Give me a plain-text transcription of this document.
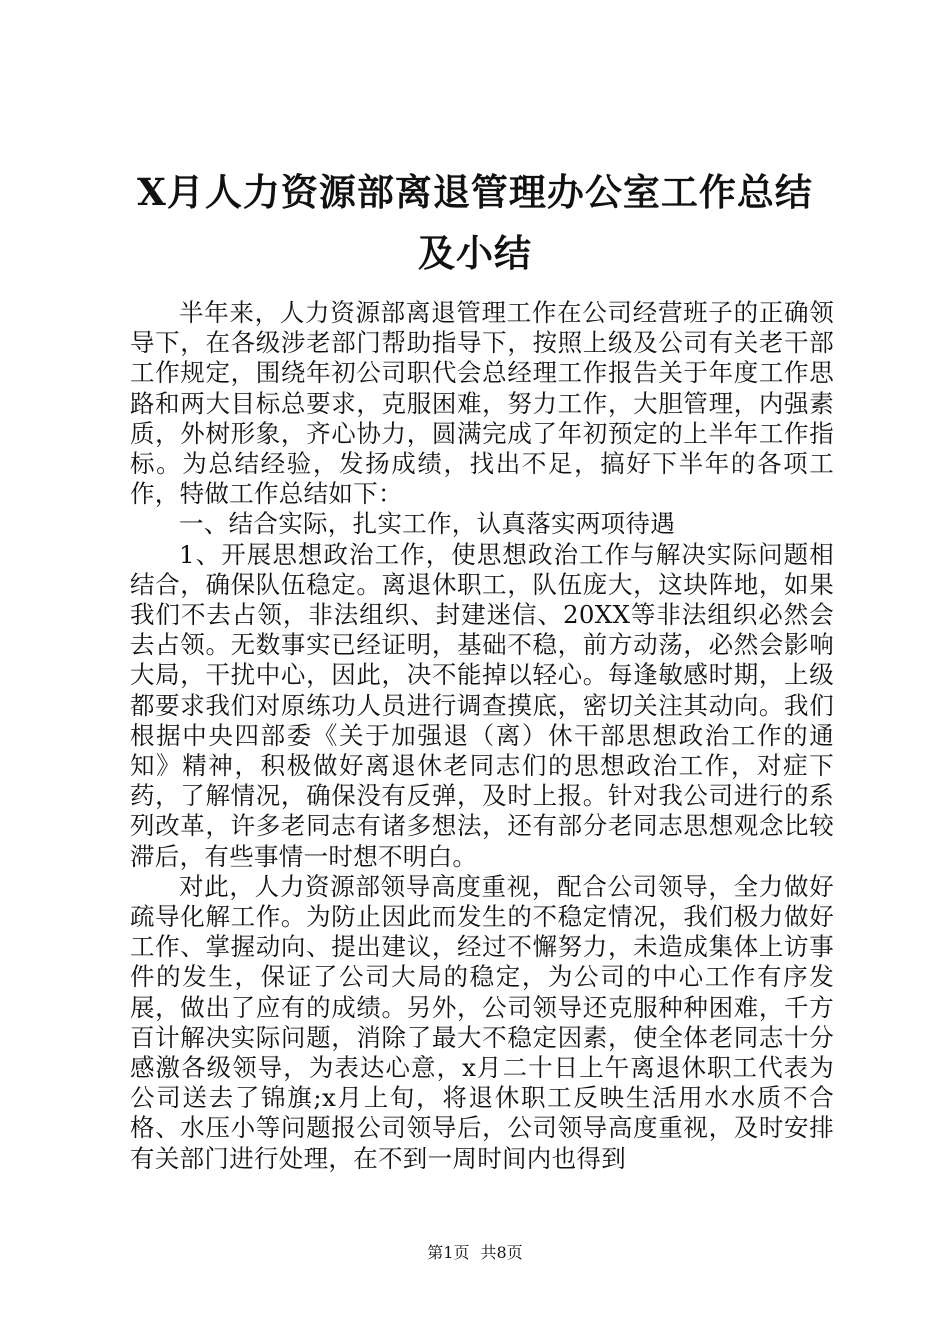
X月人力资源部离退管理办公室工作总结及小结

半年来，人力资源部离退管理工作在公司经营班子的正确领导下，在各级涉老部门帮助指导下，按照上级及公司有关老干部工作规定，围绕年初公司职代会总经理工作报告关于年度工作思路和两大目标总要求，克服困难，努力工作，大胆管理，内强素质，外树形象，齐心协力，圆满完成了年初预定的上半年工作指标。为总结经验，发扬成绩，找出不足，搞好下半年的各项工作，特做工作总结如下：

一、结合实际，扎实工作，认真落实两项待遇

1、开展思想政治工作，使思想政治工作与解决实际问题相结合，确保队伍稳定。离退休职工，队伍庞大，这块阵地，如果我们不去占领，非法组织、封建迷信、20XX等非法组织必然会去占领。无数事实已经证明，基础不稳，前方动荡，必然会影响大局，干扰中心，因此，决不能掉以轻心。每逢敏感时期，上级都要求我们对原练功人员进行调查摸底，密切关注其动向。我们根据中央四部委《关于加强退（离）休干部思想政治工作的通知》精神，积极做好离退休老同志们的思想政治工作，对症下药，了解情况，确保没有反弹，及时上报。针对我公司进行的系列改革，许多老同志有诸多想法，还有部分老同志思想观念比较滞后，有些事情一时想不明白。

对此，人力资源部领导高度重视，配合公司领导，全力做好疏导化解工作。为防止因此而发生的不稳定情况，我们极力做好工作、掌握动向、提出建议，经过不懈努力，未造成集体上访事件的发生，保证了公司大局的稳定，为公司的中心工作有序发展，做出了应有的成绩。另外，公司领导还克服种种困难，千方百计解决实际问题，消除了最大不稳定因素，使全体老同志十分感激各级领导，为表达心意，x月二十日上午离退休职工代表为公司送去了锦旗;x月上旬，将退休职工反映生活用水水质不合格、水压小等问题报公司领导后，公司领导高度重视，及时安排有关部门进行处理，在不到一周时间内也得到

第1页 共8页
